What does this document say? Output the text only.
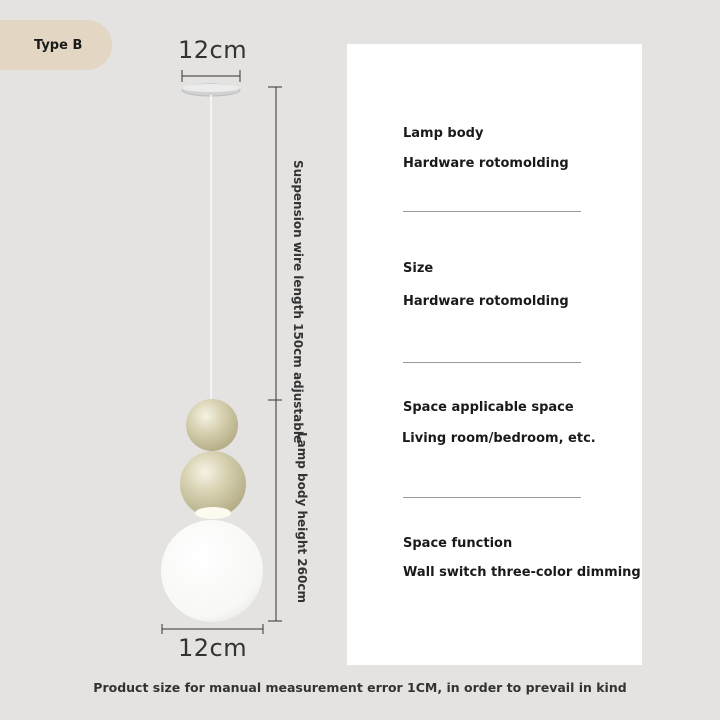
Type B	12cm
12cm
Suspension wire length 150cm adjustable
Lamp body height 260cm
Lamp body
Hardware rotomolding
Size
Hardware rotomolding
Space applicable space
Living room/bedroom, etc.
Space function
Wall switch three-color dimming
Product size for manual measurement error 1CM, in order to prevail in kind
